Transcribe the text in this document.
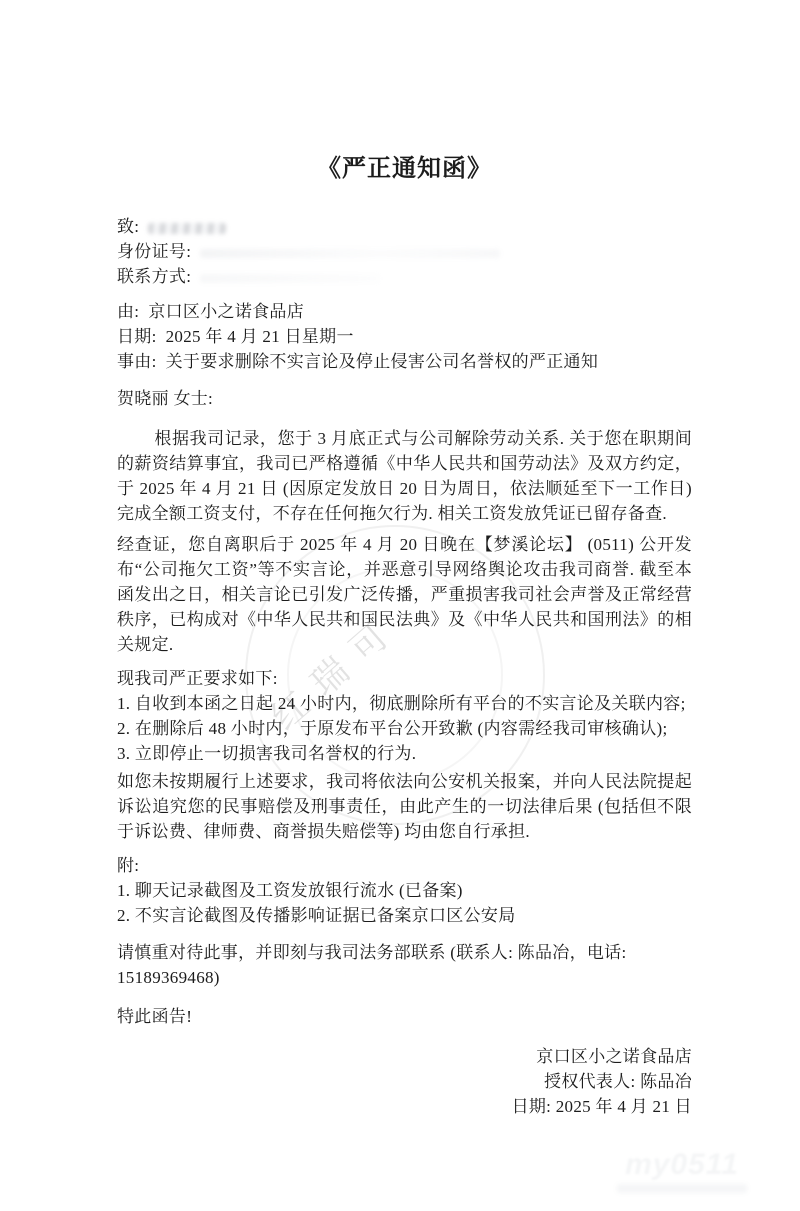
红瑞可
《严正通知函》
致:
身份证号:
联系方式:
由: 京口区小之诺食品店
日期: 2025 年 4 月 21 日星期一
事由: 关于要求删除不实言论及停止侵害公司名誉权的严正通知
贺晓丽 女士:

根据我司记录，您于 3 月底正式与公司解除劳动关系. 关于您在职期间的薪资结算事宜，我司已严格遵循《中华人民共和国劳动法》及双方约定，于 2025 年 4 月 21 日 (因原定发放日 20 日为周日，依法顺延至下一工作日) 完成全额工资支付，不存在任何拖欠行为. 相关工资发放凭证已留存备查.

经查证，您自离职后于 2025 年 4 月 20 日晚在【梦溪论坛】 (0511) 公开发布“公司拖欠工资”等不实言论，并恶意引导网络舆论攻击我司商誉. 截至本函发出之日，相关言论已引发广泛传播，严重损害我司社会声誉及正常经营秩序，已构成对《中华人民共和国民法典》及《中华人民共和国刑法》的相关规定.

现我司严正要求如下:
1. 自收到本函之日起 24 小时内，彻底删除所有平台的不实言论及关联内容;
2. 在删除后 48 小时内，于原发布平台公开致歉 (内容需经我司审核确认);
3. 立即停止一切损害我司名誉权的行为.

如您未按期履行上述要求，我司将依法向公安机关报案，并向人民法院提起诉讼追究您的民事赔偿及刑事责任，由此产生的一切法律后果 (包括但不限于诉讼费、律师费、商誉损失赔偿等) 均由您自行承担.

附:
1. 聊天记录截图及工资发放银行流水 (已备案)
2. 不实言论截图及传播影响证据已备案京口区公安局
请慎重对待此事，并即刻与我司法务部联系 (联系人: 陈品冶，电话: 15189369468)
特此函告!
京口区小之诺食品店
授权代表人: 陈品冶
日期: 2025 年 4 月 21 日
my0511
